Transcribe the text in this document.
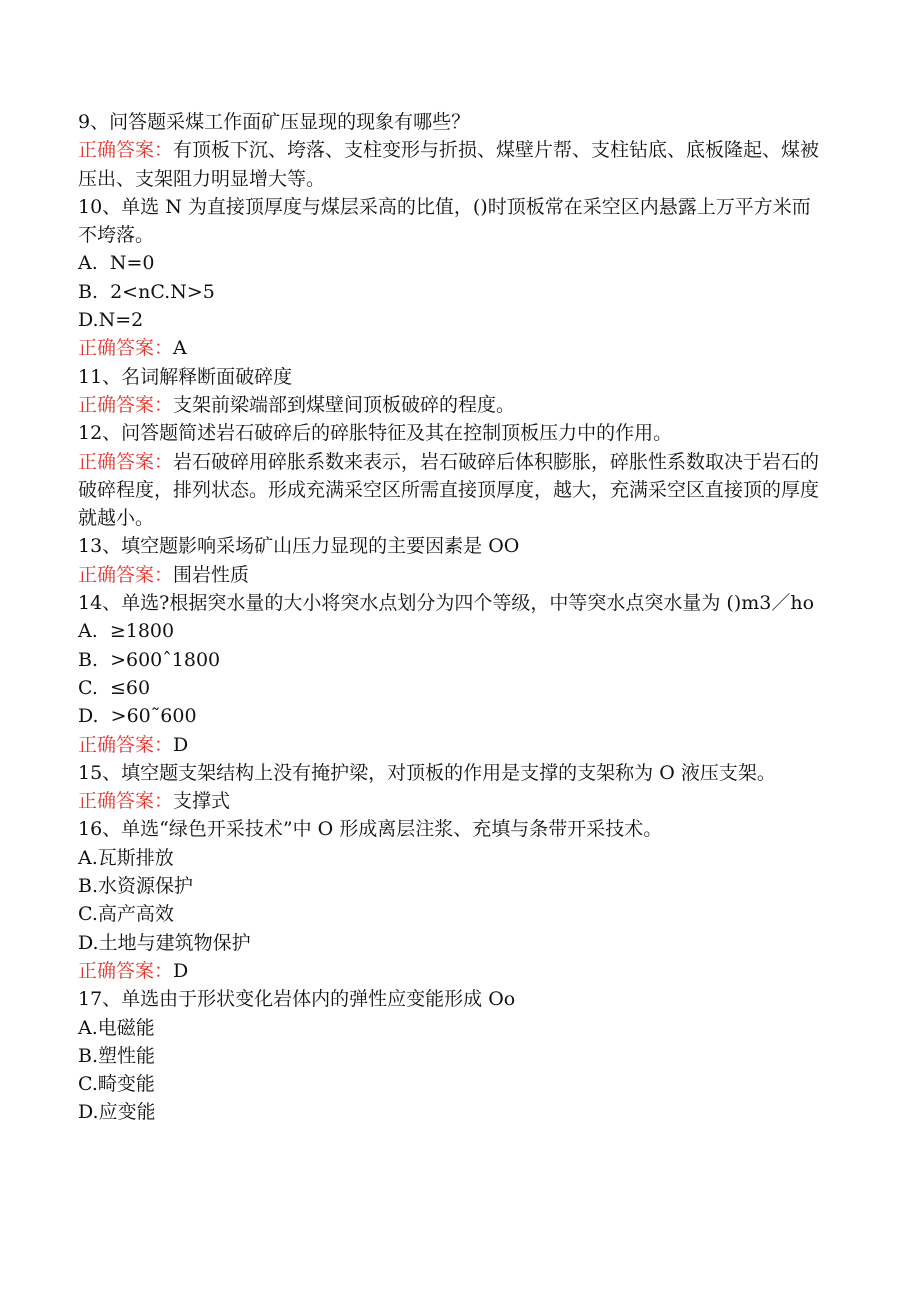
9、问答题采煤工作面矿压显现的现象有哪些？

正确答案：有顶板下沉、垮落、支柱变形与折损、煤壁片帮、支柱钻底、底板隆起、煤被压出、支架阻力明显增大等。

10、单选 N 为直接顶厚度与煤层采高的比值，()时顶板常在采空区内悬露上万平方米而不垮落。

A.  N=0

B.  2<nC.N>5

D.N=2

正确答案：A

11、名词解释断面破碎度

正确答案：支架前梁端部到煤壁间顶板破碎的程度。

12、问答题简述岩石破碎后的碎胀特征及其在控制顶板压力中的作用。

正确答案：岩石破碎用碎胀系数来表示，岩石破碎后体积膨胀，碎胀性系数取决于岩石的破碎程度，排列状态。形成充满采空区所需直接顶厚度，越大，充满采空区直接顶的厚度就越小。

13、填空题影响采场矿山压力显现的主要因素是 OO

正确答案：围岩性质

14、单选?根据突水量的大小将突水点划分为四个等级，中等突水点突水量为 ()m3／ho

A.  ≥1800

B.  >600ˆ1800

C.  ≤60

D.  >60˜600

正确答案：D

15、填空题支架结构上没有掩护梁，对顶板的作用是支撑的支架称为 O 液压支架。

正确答案：支撑式

16、单选“绿色开采技术”中 O 形成离层注浆、充填与条带开采技术。

A.瓦斯排放

B.水资源保护

C.高产高效

D.土地与建筑物保护

正确答案：D

17、单选由于形状变化岩体内的弹性应变能形成 Oo

A.电磁能

B.塑性能

C.畸变能

D.应变能
